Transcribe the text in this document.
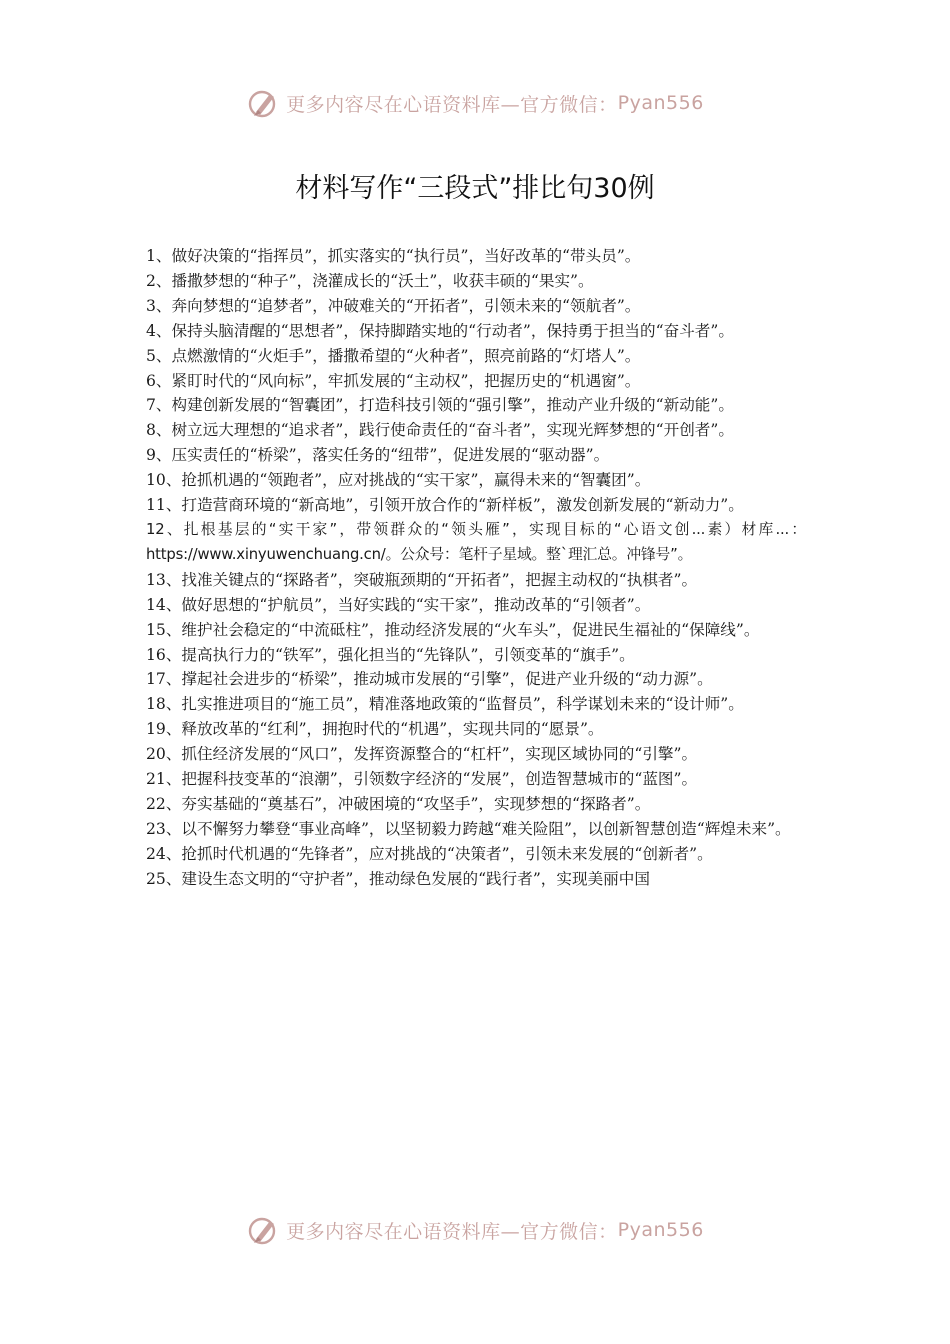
更多内容尽在心语资料库—官方微信： Pyan556
材料写作“三段式”排比句30例

1、做好决策的“指挥员”，抓实落实的“执行员”，当好改革的“带头员”。

2、播撒梦想的“种子”，浇灌成长的“沃土”，收获丰硕的“果实”。

3、奔向梦想的“追梦者”，冲破难关的“开拓者”，引领未来的“领航者”。

4、保持头脑清醒的“思想者”，保持脚踏实地的“行动者”，保持勇于担当的“奋斗者”。

5、点燃激情的“火炬手”，播撒希望的“火种者”，照亮前路的“灯塔人”。

6、紧盯时代的“风向标”，牢抓发展的“主动权”，把握历史的“机遇窗”。

7、构建创新发展的“智囊团”，打造科技引领的“强引擎”，推动产业升级的“新动能”。

8、树立远大理想的“追求者”，践行使命责任的“奋斗者”，实现光辉梦想的“开创者”。

9、压实责任的“桥梁”，落实任务的“纽带”，促进发展的“驱动器”。

10、抢抓机遇的“领跑者”，应对挑战的“实干家”，赢得未来的“智囊团”。

11、打造营商环境的“新高地”，引领开放合作的“新样板”，激发创新发展的“新动力”。

12、扎根基层的“实干家”，带领群众的“领头雁”，实现目标的“心语文创...素）材库...：https://www.xinyuwenchuang.cn/。公众号：笔杆子星域。整`理汇总。冲锋号”。

13、找准关键点的“探路者”，突破瓶颈期的“开拓者”，把握主动权的“执棋者”。

14、做好思想的“护航员”，当好实践的“实干家”，推动改革的“引领者”。

15、维护社会稳定的“中流砥柱”，推动经济发展的“火车头”，促进民生福祉的“保障线”。

16、提高执行力的“铁军”，强化担当的“先锋队”，引领变革的“旗手”。

17、撑起社会进步的“桥梁”，推动城市发展的“引擎”，促进产业升级的“动力源”。

18、扎实推进项目的“施工员”，精准落地政策的“监督员”，科学谋划未来的“设计师”。

19、释放改革的“红利”，拥抱时代的“机遇”，实现共同的“愿景”。

20、抓住经济发展的“风口”，发挥资源整合的“杠杆”，实现区域协同的“引擎”。

21、把握科技变革的“浪潮”，引领数字经济的“发展”，创造智慧城市的“蓝图”。

22、夯实基础的“奠基石”，冲破困境的“攻坚手”，实现梦想的“探路者”。

23、以不懈努力攀登“事业高峰”，以坚韧毅力跨越“难关险阻”，以创新智慧创造“辉煌未来”。

24、抢抓时代机遇的“先锋者”，应对挑战的“决策者”，引领未来发展的“创新者”。

25、建设生态文明的“守护者”，推动绿色发展的“践行者”，实现美丽中国

更多内容尽在心语资料库—官方微信： Pyan556
